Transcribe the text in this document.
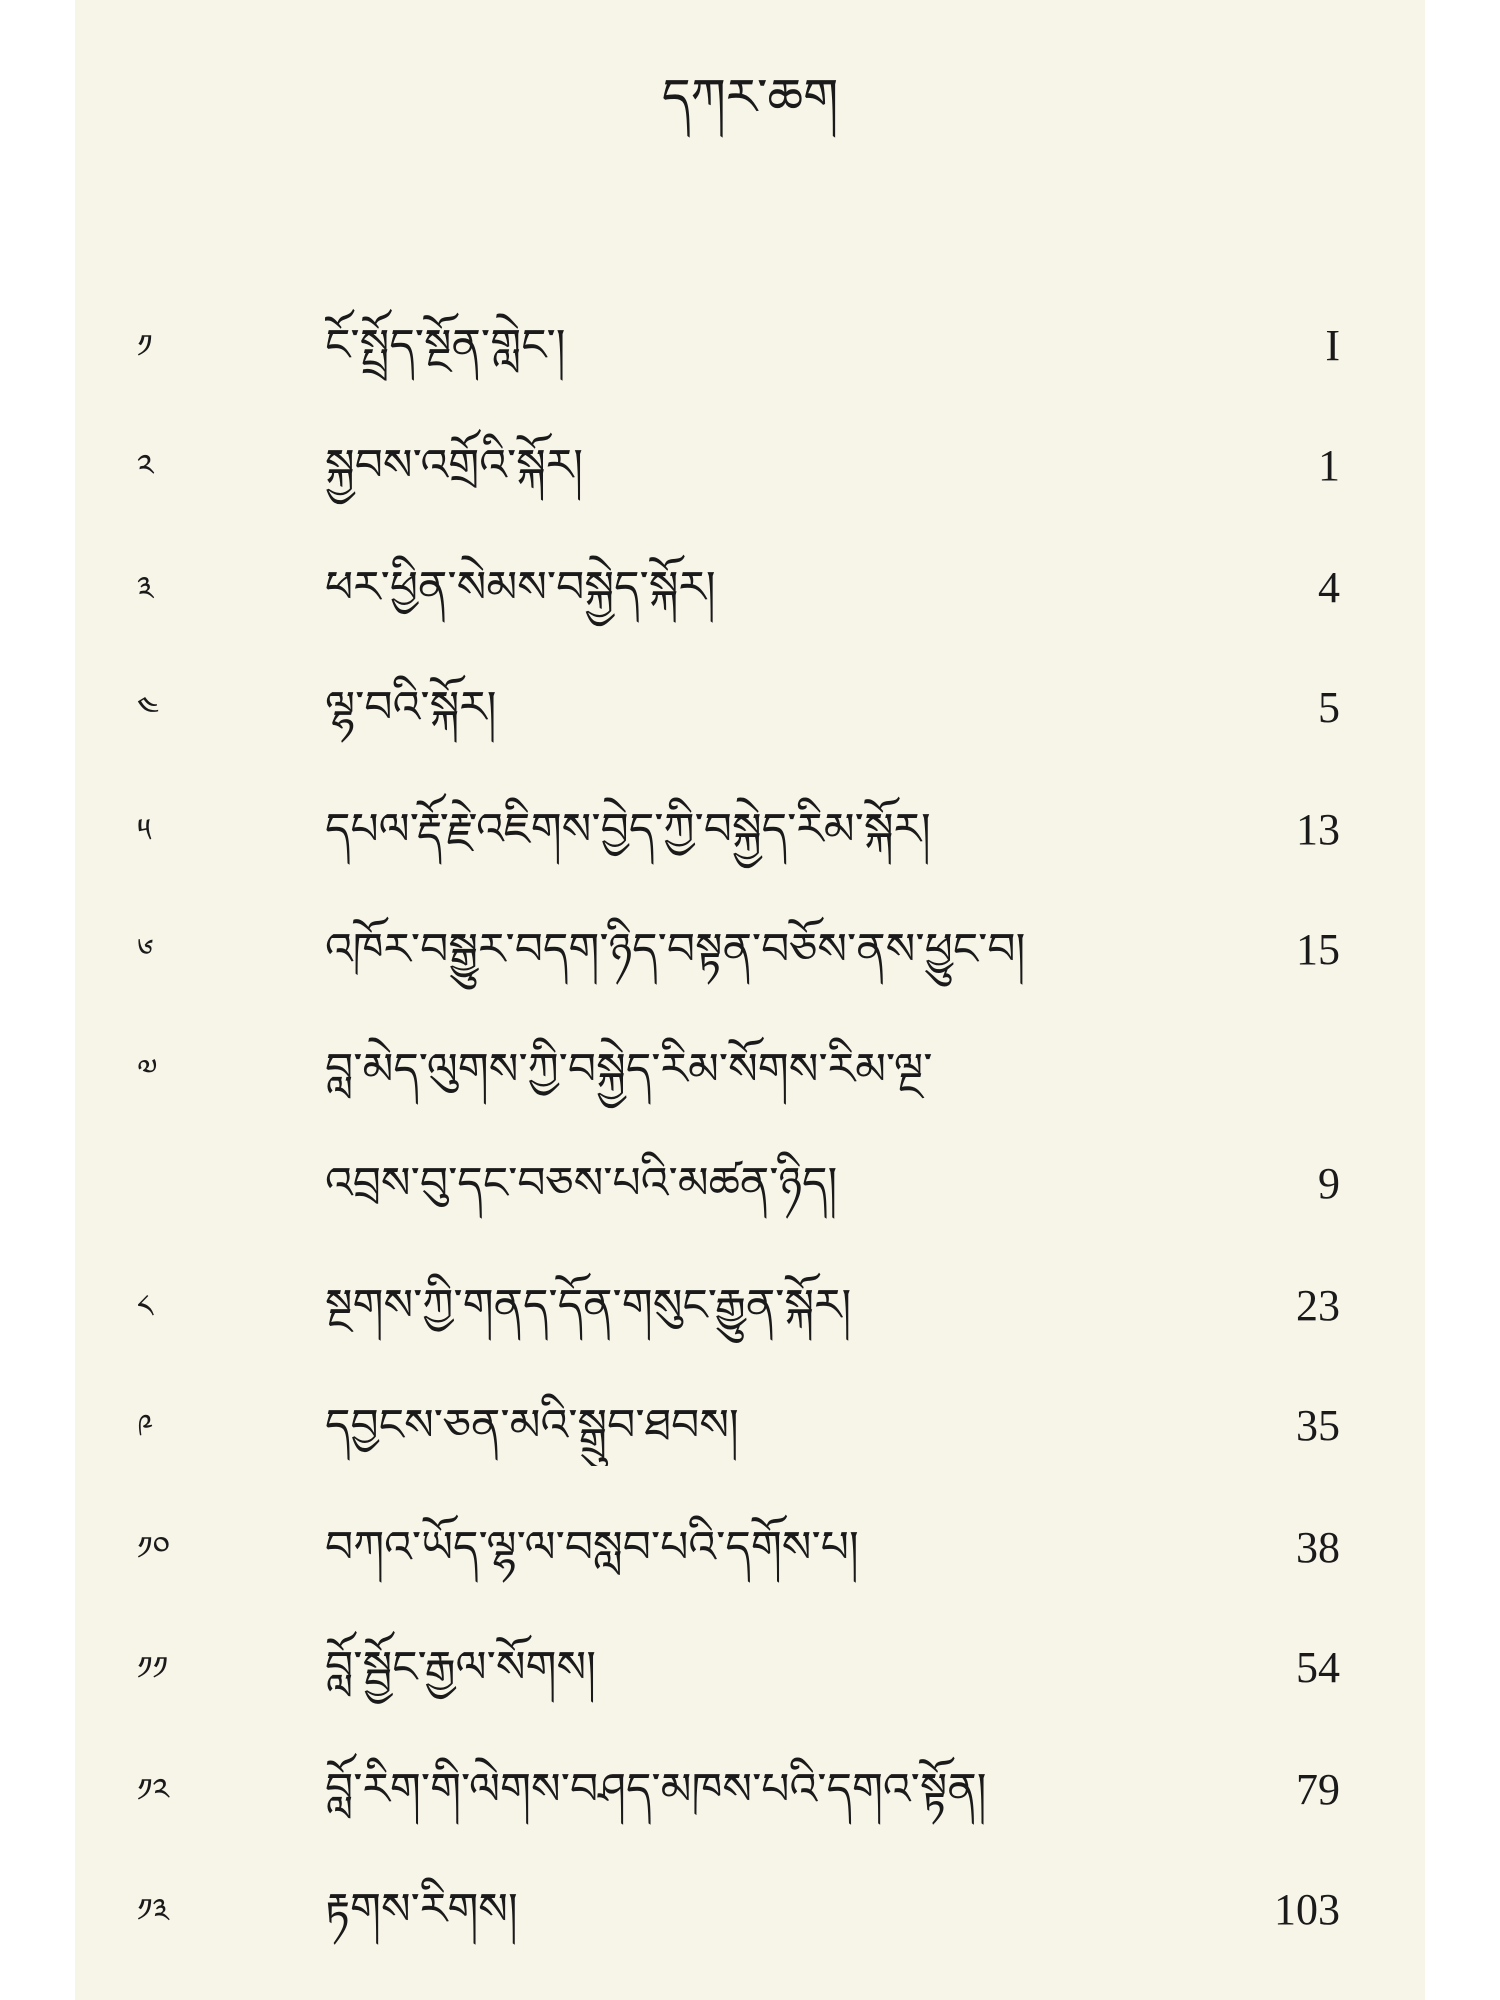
དཀར་ཆག
༡	ངོ་སྤྲོད་སྔོན་གླེང་།	I
༢	སྐྱབས་འགྲོའི་སྐོར།	1
༣	ཕར་ཕྱིན་སེམས་བསྐྱེད་སྐོར།	4
༤	ལྷ་བའི་སྐོར།	5
༥	དཔལ་རྡོ་རྗེ་འཇིགས་བྱེད་ཀྱི་བསྐྱེད་རིམ་སྐོར།	13
༦	འཁོར་བསྒྱུར་བདག་ཉིད་བསྟན་བཅོས་ནས་ཕྱུང་བ།	15
༧	བླ་མེད་ལུགས་ཀྱི་བསྐྱེད་རིམ་སོགས་རིམ་ལྔ་
འབྲས་བུ་དང་བཅས་པའི་མཚན་ཉིད།	9
༨	སྔགས་ཀྱི་གནད་དོན་གསུང་རྒྱུན་སྐོར།	23
༩	དབྱངས་ཅན་མའི་སྒྲུབ་ཐབས།	35
༡༠	བཀའ་ཡོད་ལྷ་ལ་བསླབ་པའི་དགོས་པ།	38
༡༡	བློ་སྦྱོང་རྒྱལ་སོགས།	54
༡༢	བློ་རིག་གི་ལེགས་བཤད་མཁས་པའི་དགའ་སྟོན།	79
༡༣	རྟགས་རིགས།	103
